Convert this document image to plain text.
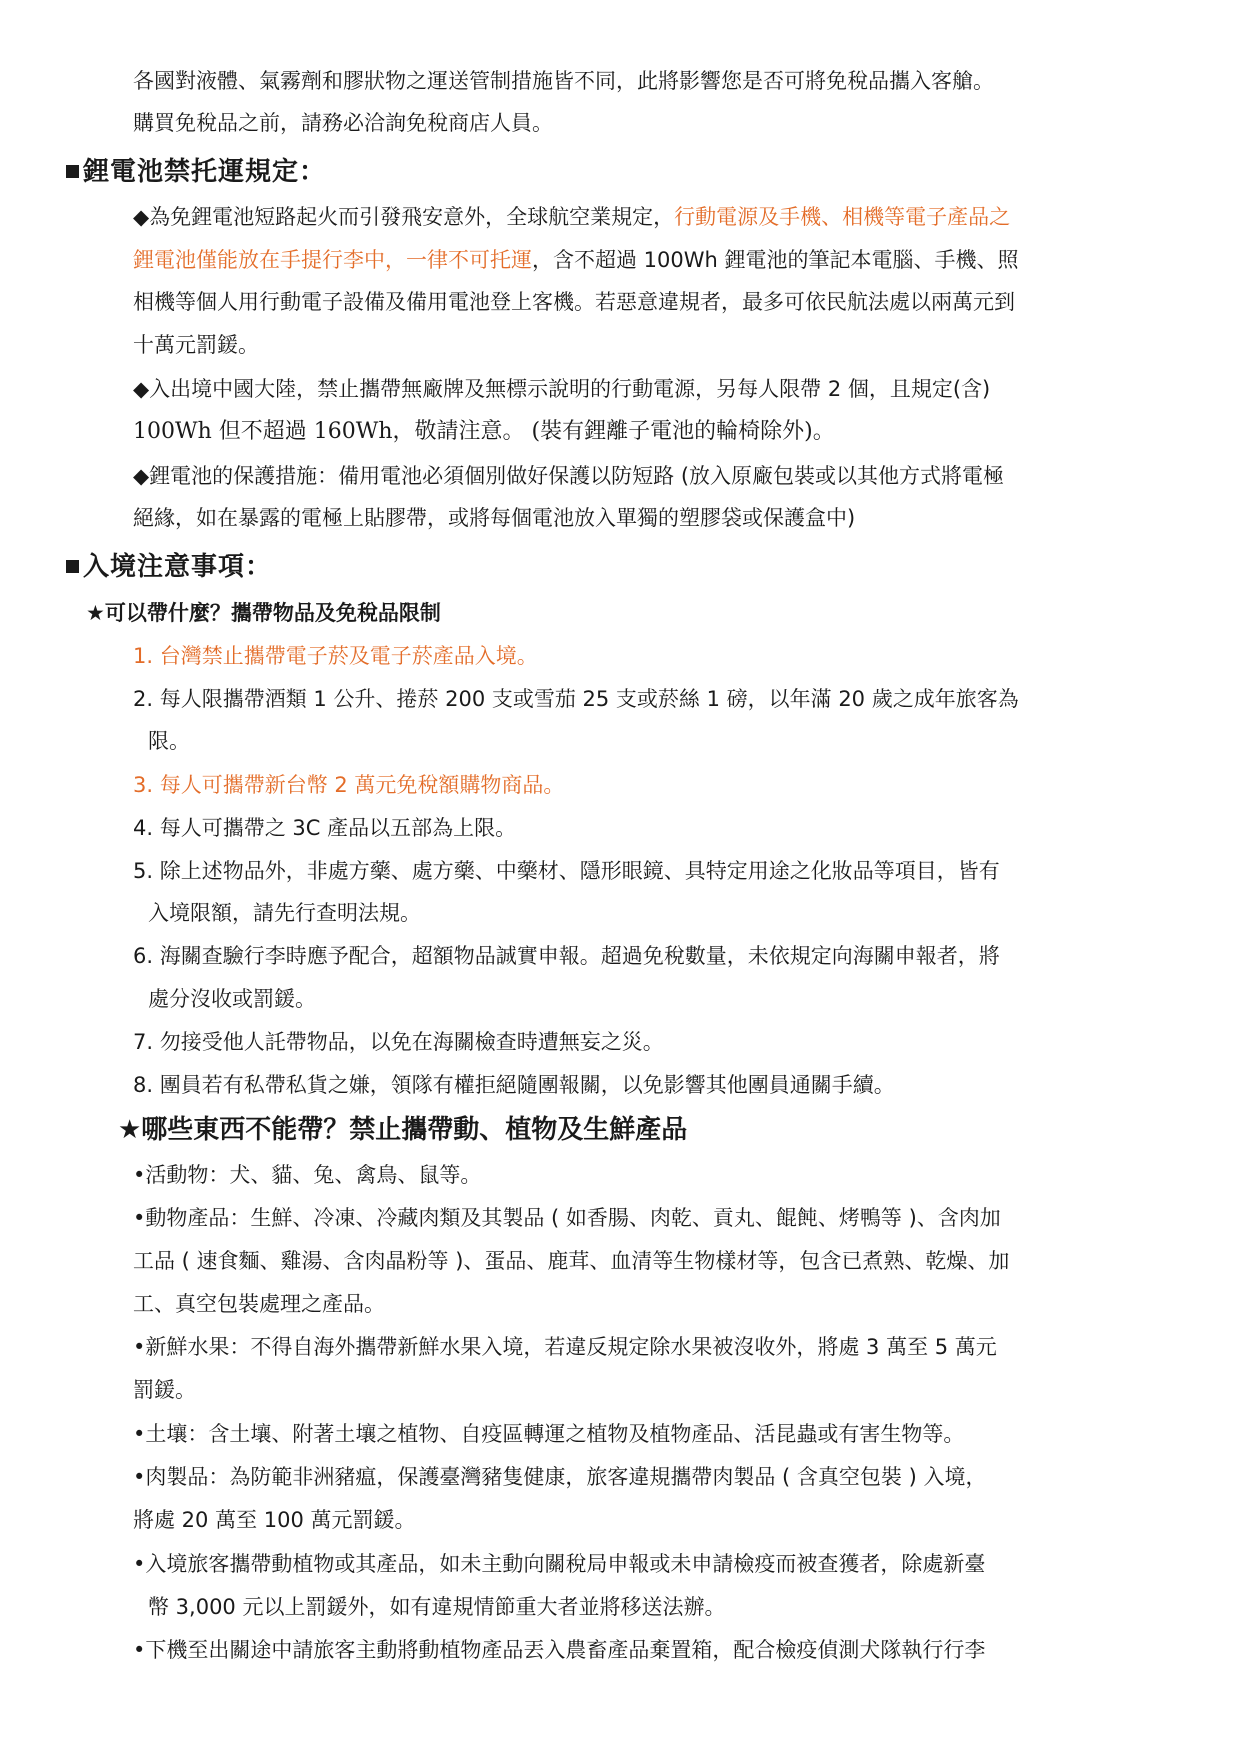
各國對液體、氣霧劑和膠狀物之運送管制措施皆不同，此將影響您是否可將免稅品攜入客艙。
購買免稅品之前，請務必洽詢免稅商店人員。
鋰電池禁托運規定：
◆為免鋰電池短路起火而引發飛安意外，全球航空業規定，行動電源及手機、相機等電子產品之
鋰電池僅能放在手提行李中，一律不可托運，含不超過 100Wh 鋰電池的筆記本電腦、手機、照
相機等個人用行動電子設備及備用電池登上客機。若惡意違規者，最多可依民航法處以兩萬元到
十萬元罰鍰。
◆入出境中國大陸，禁止攜帶無廠牌及無標示說明的行動電源，另每人限帶 2 個，且規定(含)
100Wh 但不超過 160Wh，敬請注意。 (裝有鋰離子電池的輪椅除外)。
◆鋰電池的保護措施：備用電池必須個別做好保護以防短路 (放入原廠包裝或以其他方式將電極
絕緣，如在暴露的電極上貼膠帶，或將每個電池放入單獨的塑膠袋或保護盒中)
入境注意事項：
★可以帶什麼？攜帶物品及免稅品限制
1. 台灣禁止攜帶電子菸及電子菸產品入境。
2. 每人限攜帶酒類 1 公升、捲菸 200 支或雪茄 25 支或菸絲 1 磅，以年滿 20 歲之成年旅客為
限。
3. 每人可攜帶新台幣 2 萬元免稅額購物商品。
4. 每人可攜帶之 3C 產品以五部為上限。
5. 除上述物品外，非處方藥、處方藥、中藥材、隱形眼鏡、具特定用途之化妝品等項目，皆有
入境限額，請先行查明法規。
6. 海關查驗行李時應予配合，超額物品誠實申報。超過免稅數量，未依規定向海關申報者，將
處分沒收或罰鍰。
7. 勿接受他人託帶物品，以免在海關檢查時遭無妄之災。
8. 團員若有私帶私貨之嫌，領隊有權拒絕隨團報關，以免影響其他團員通關手續。
★哪些東西不能帶？禁止攜帶動、植物及生鮮產品
•活動物：犬、貓、兔、禽鳥、鼠等。
•動物產品：生鮮、冷凍、冷藏肉類及其製品 ( 如香腸、肉乾、貢丸、餛飩、烤鴨等 )、含肉加
工品 ( 速食麵、雞湯、含肉晶粉等 )、蛋品、鹿茸、血清等生物樣材等，包含已煮熟、乾燥、加
工、真空包裝處理之產品。
•新鮮水果：不得自海外攜帶新鮮水果入境，若違反規定除水果被沒收外，將處 3 萬至 5 萬元
罰鍰。
•土壤：含土壤、附著土壤之植物、自疫區轉運之植物及植物產品、活昆蟲或有害生物等。
•肉製品：為防範非洲豬瘟，保護臺灣豬隻健康，旅客違規攜帶肉製品 ( 含真空包裝 ) 入境，
將處 20 萬至 100 萬元罰鍰。
•入境旅客攜帶動植物或其產品，如未主動向關稅局申報或未申請檢疫而被查獲者，除處新臺
幣 3,000 元以上罰鍰外，如有違規情節重大者並將移送法辦。
•下機至出關途中請旅客主動將動植物產品丟入農畜產品棄置箱，配合檢疫偵測犬隊執行行李
